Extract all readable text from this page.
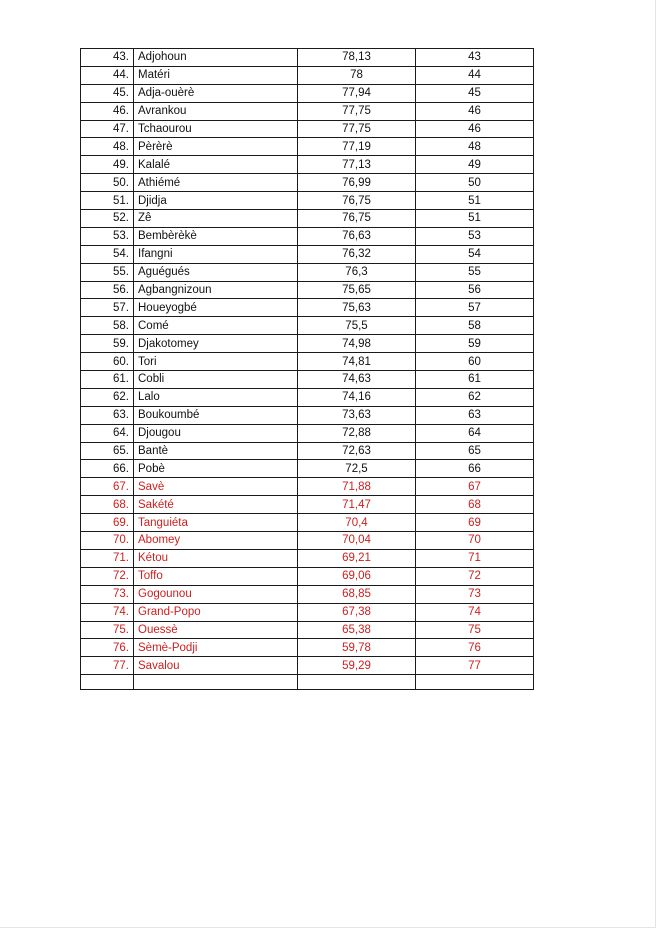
43.	Adjohoun	78,13	43
44.	Matéri	78	44
45.	Adja-ouèrè	77,94	45
46.	Avrankou	77,75	46
47.	Tchaourou	77,75	46
48.	Pèrèrè	77,19	48
49.	Kalalé	77,13	49
50.	Athiémé	76,99	50
51.	Djidja	76,75	51
52.	Zê	76,75	51
53.	Bembèrèkè	76,63	53
54.	Ifangni	76,32	54
55.	Aguégués	76,3	55
56.	Agbangnizoun	75,65	56
57.	Houeyogbé	75,63	57
58.	Comé	75,5	58
59.	Djakotomey	74,98	59
60.	Tori	74,81	60
61.	Cobli	74,63	61
62.	Lalo	74,16	62
63.	Boukoumbé	73,63	63
64.	Djougou	72,88	64
65.	Bantè	72,63	65
66.	Pobè	72,5	66
67.	Savè	71,88	67
68.	Sakété	71,47	68
69.	Tanguiéta	70,4	69
70.	Abomey	70,04	70
71.	Kétou	69,21	71
72.	Toffo	69,06	72
73.	Gogounou	68,85	73
74.	Grand-Popo	67,38	74
75.	Ouessè	65,38	75
76.	Sèmè-Podji	59,78	76
77.	Savalou	59,29	77
